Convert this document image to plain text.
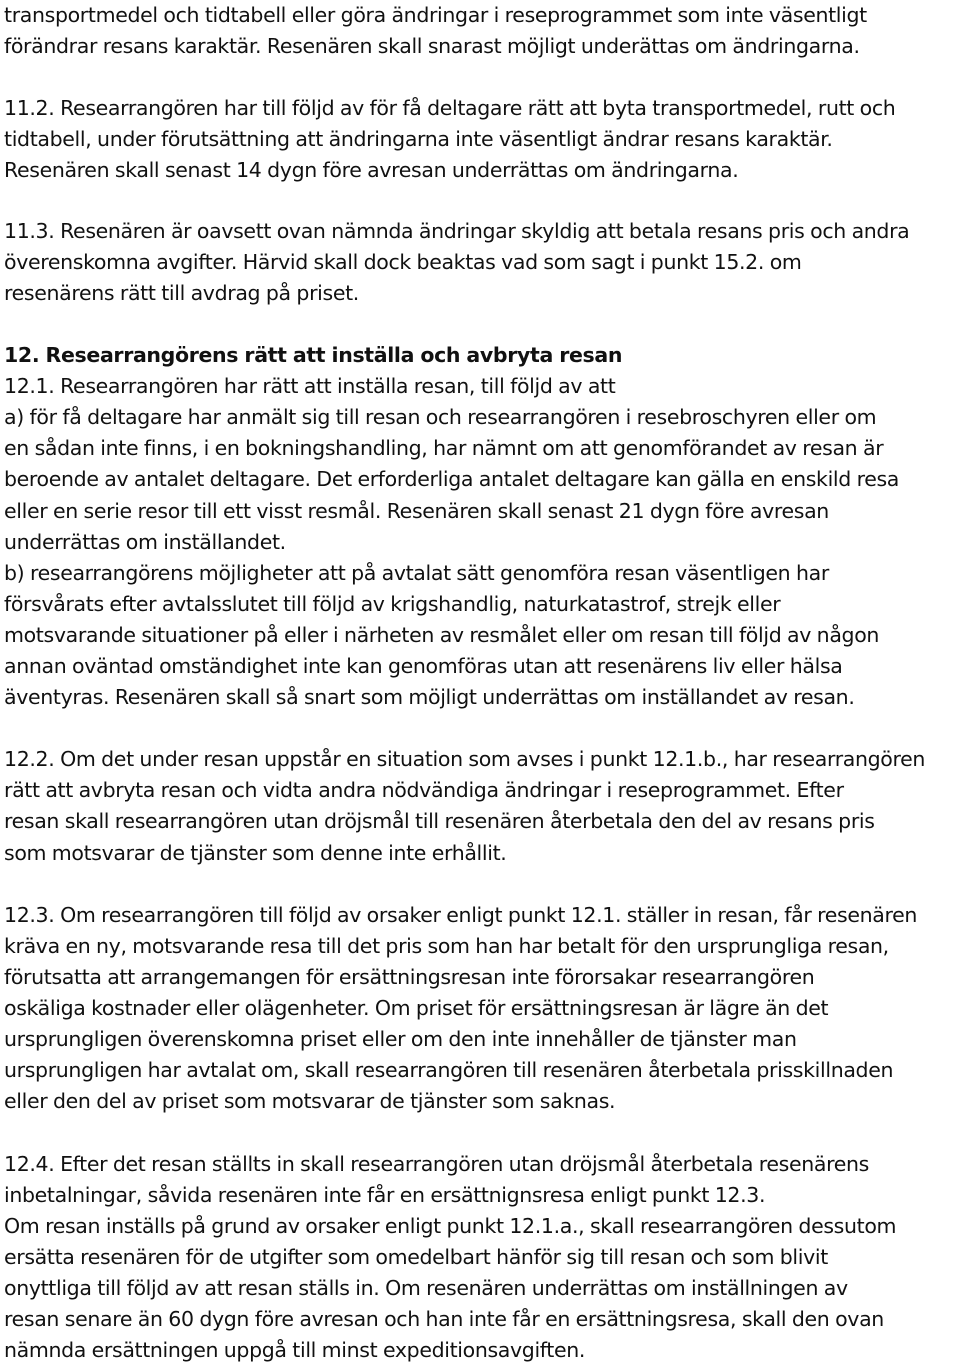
transportmedel och tidtabell eller göra ändringar i reseprogrammet som inte väsentligt
förändrar resans karaktär. Resenären skall snarast möjligt underättas om ändringarna.
11.2. Researrangören har till följd av för få deltagare rätt att byta transportmedel, rutt och
tidtabell, under förutsättning att ändringarna inte väsentligt ändrar resans karaktär.
Resenären skall senast 14 dygn före avresan underrättas om ändringarna.
11.3. Resenären är oavsett ovan nämnda ändringar skyldig att betala resans pris och andra
överenskomna avgifter. Härvid skall dock beaktas vad som sagt i punkt 15.2. om
resenärens rätt till avdrag på priset.
12. Researrangörens rätt att inställa och avbryta resan
12.1. Researrangören har rätt att inställa resan, till följd av att
a) för få deltagare har anmält sig till resan och researrangören i resebroschyren eller om
en sådan inte finns, i en bokningshandling, har nämnt om att genomförandet av resan är
beroende av antalet deltagare. Det erforderliga antalet deltagare kan gälla en enskild resa
eller en serie resor till ett visst resmål. Resenären skall senast 21 dygn före avresan
underrättas om inställandet.
b) researrangörens möjligheter att på avtalat sätt genomföra resan väsentligen har
försvårats efter avtalsslutet till följd av krigshandlig, naturkatastrof, strejk eller
motsvarande situationer på eller i närheten av resmålet eller om resan till följd av någon
annan oväntad omständighet inte kan genomföras utan att resenärens liv eller hälsa
äventyras. Resenären skall så snart som möjligt underrättas om inställandet av resan.
12.2. Om det under resan uppstår en situation som avses i punkt 12.1.b., har researrangören
rätt att avbryta resan och vidta andra nödvändiga ändringar i reseprogrammet. Efter
resan skall researrangören utan dröjsmål till resenären återbetala den del av resans pris
som motsvarar de tjänster som denne inte erhållit.
12.3. Om researrangören till följd av orsaker enligt punkt 12.1. ställer in resan, får resenären
kräva en ny, motsvarande resa till det pris som han har betalt för den ursprungliga resan,
förutsatta att arrangemangen för ersättningsresan inte förorsakar researrangören
oskäliga kostnader eller olägenheter. Om priset för ersättningsresan är lägre än det
ursprungligen överenskomna priset eller om den inte innehåller de tjänster man
ursprungligen har avtalat om, skall researrangören till resenären återbetala prisskillnaden
eller den del av priset som motsvarar de tjänster som saknas.
12.4. Efter det resan ställts in skall researrangören utan dröjsmål återbetala resenärens
inbetalningar, såvida resenären inte får en ersättnignsresa enligt punkt 12.3.
Om resan inställs på grund av orsaker enligt punkt 12.1.a., skall researrangören dessutom
ersätta resenären för de utgifter som omedelbart hänför sig till resan och som blivit
onyttliga till följd av att resan ställs in. Om resenären underrättas om inställningen av
resan senare än 60 dygn före avresan och han inte får en ersättningsresa, skall den ovan
nämnda ersättningen uppgå till minst expeditionsavgiften.
